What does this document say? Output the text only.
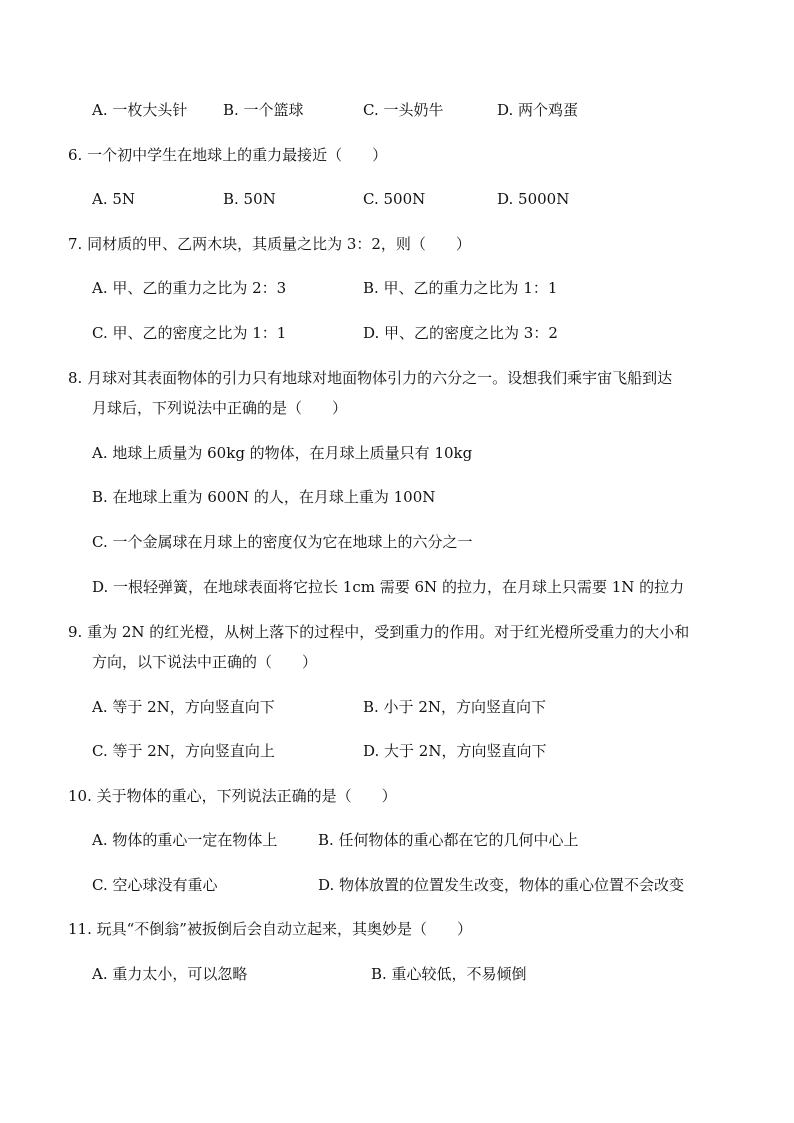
A. 一枚大头针 B. 一个篮球	C. 一头奶牛	D. 两个鸡蛋
6. 一个初中学生在地球上的重力最接近（　　）
A. 5N	B. 50N	C. 500N	D. 5000N
7. 同材质的甲、乙两木块，其质量之比为 3：2，则（　　）
A. 甲、乙的重力之比为 2：3	B. 甲、乙的重力之比为 1：1
C. 甲、乙的密度之比为 1：1	D. 甲、乙的密度之比为 3：2
8. 月球对其表面物体的引力只有地球对地面物体引力的六分之一。设想我们乘宇宙飞船到达
月球后，下列说法中正确的是（　　）
A. 地球上质量为 60kg 的物体，在月球上质量只有 10kg
B. 在地球上重为 600N 的人，在月球上重为 100N
C. 一个金属球在月球上的密度仅为它在地球上的六分之一
D. 一根轻弹簧，在地球表面将它拉长 1cm 需要 6N 的拉力，在月球上只需要 1N 的拉力
9. 重为 2N 的红光橙，从树上落下的过程中，受到重力的作用。对于红光橙所受重力的大小和
方向，以下说法中正确的（　　）
A. 等于 2N，方向竖直向下	B. 小于 2N，方向竖直向下
C. 等于 2N，方向竖直向上	D. 大于 2N，方向竖直向下
10. 关于物体的重心，下列说法正确的是（　　）
A. 物体的重心一定在物体上	B. 任何物体的重心都在它的几何中心上
C. 空心球没有重心	D. 物体放置的位置发生改变，物体的重心位置不会改变
11. 玩具“不倒翁”被扳倒后会自动立起来，其奥妙是（　　）
A. 重力太小，可以忽略	B. 重心较低，不易倾倒
